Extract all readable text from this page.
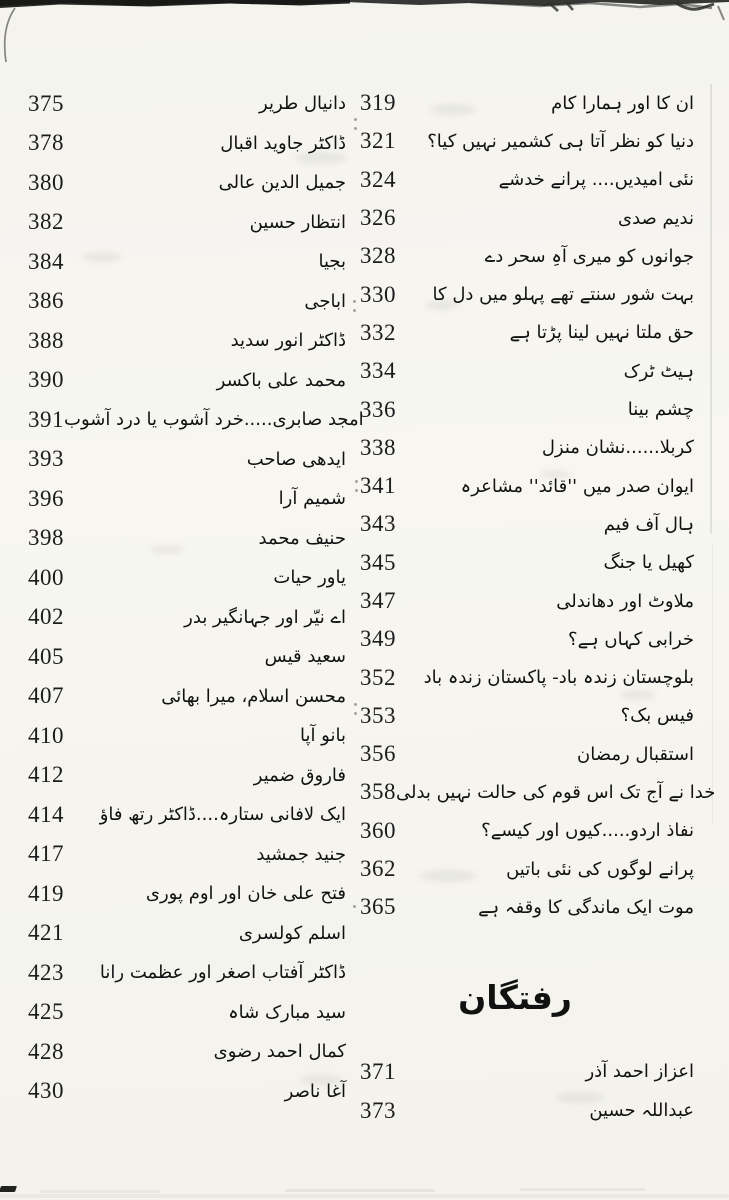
375	دانیال طریر
378	ڈاکٹر جاوید اقبال
380	جمیل الدین عالی
382	انتظار حسین
384	بجیا
386	اباجی
388	ڈاکٹر انور سدید
390	محمد علی باکسر
391 امجد صابری.....خرد آشوب یا درد آشوب
393	ایدھی صاحب
396	شمیم آرا
398	حنیف محمد
400	یاور حیات
402	اے نیّر اور جہانگیر بدر
405	سعید قیس
407	محسن اسلام، میرا بھائی
410	بانو آپا
412	فاروق ضمیر
414 ایک لافانی ستارہ....ڈاکٹر رتھ فاؤ
417	جنید جمشید
419	فتح علی خان اور اوم پوری
421	اسلم کولسری
423 ڈاکٹر آفتاب اصغر اور عظمت رانا
425	سید مبارک شاہ
428	کمال احمد رضوی
430	آغا ناصر
319	ان کا اور ہمارا کام
321 دنیا کو نظر آتا ہی کشمیر نہیں کیا؟
324	نئی امیدیں.... پرانے خدشے
326	ندیم صدی
328	جوانوں کو میری آہِ سحر دے
330 بہت شور سنتے تھے پہلو میں دل کا
332	حق ملتا نہیں لینا پڑتا ہے
334	ہیٹ ٹرک
336	چشم بینا
338	کربلا......نشان منزل
341	ایوان صدر میں ''قائد'' مشاعرہ
343	ہال آف فیم
345	کھیل یا جنگ
347	ملاوٹ اور دھاندلی
349	خرابی کہاں ہے؟
352 بلوچستان زندہ باد- پاکستان زندہ باد
353	فیس بک؟
356	استقبال رمضان
358 خدا نے آج تک اس قوم کی حالت نہیں بدلی
360	نفاذ اردو.....کیوں اور کیسے؟
362	پرانے لوگوں کی نئی باتیں
365	موت ایک ماندگی کا وقفہ ہے
رفتگان
371	اعزاز احمد آذر
373	عبداللہ حسین
